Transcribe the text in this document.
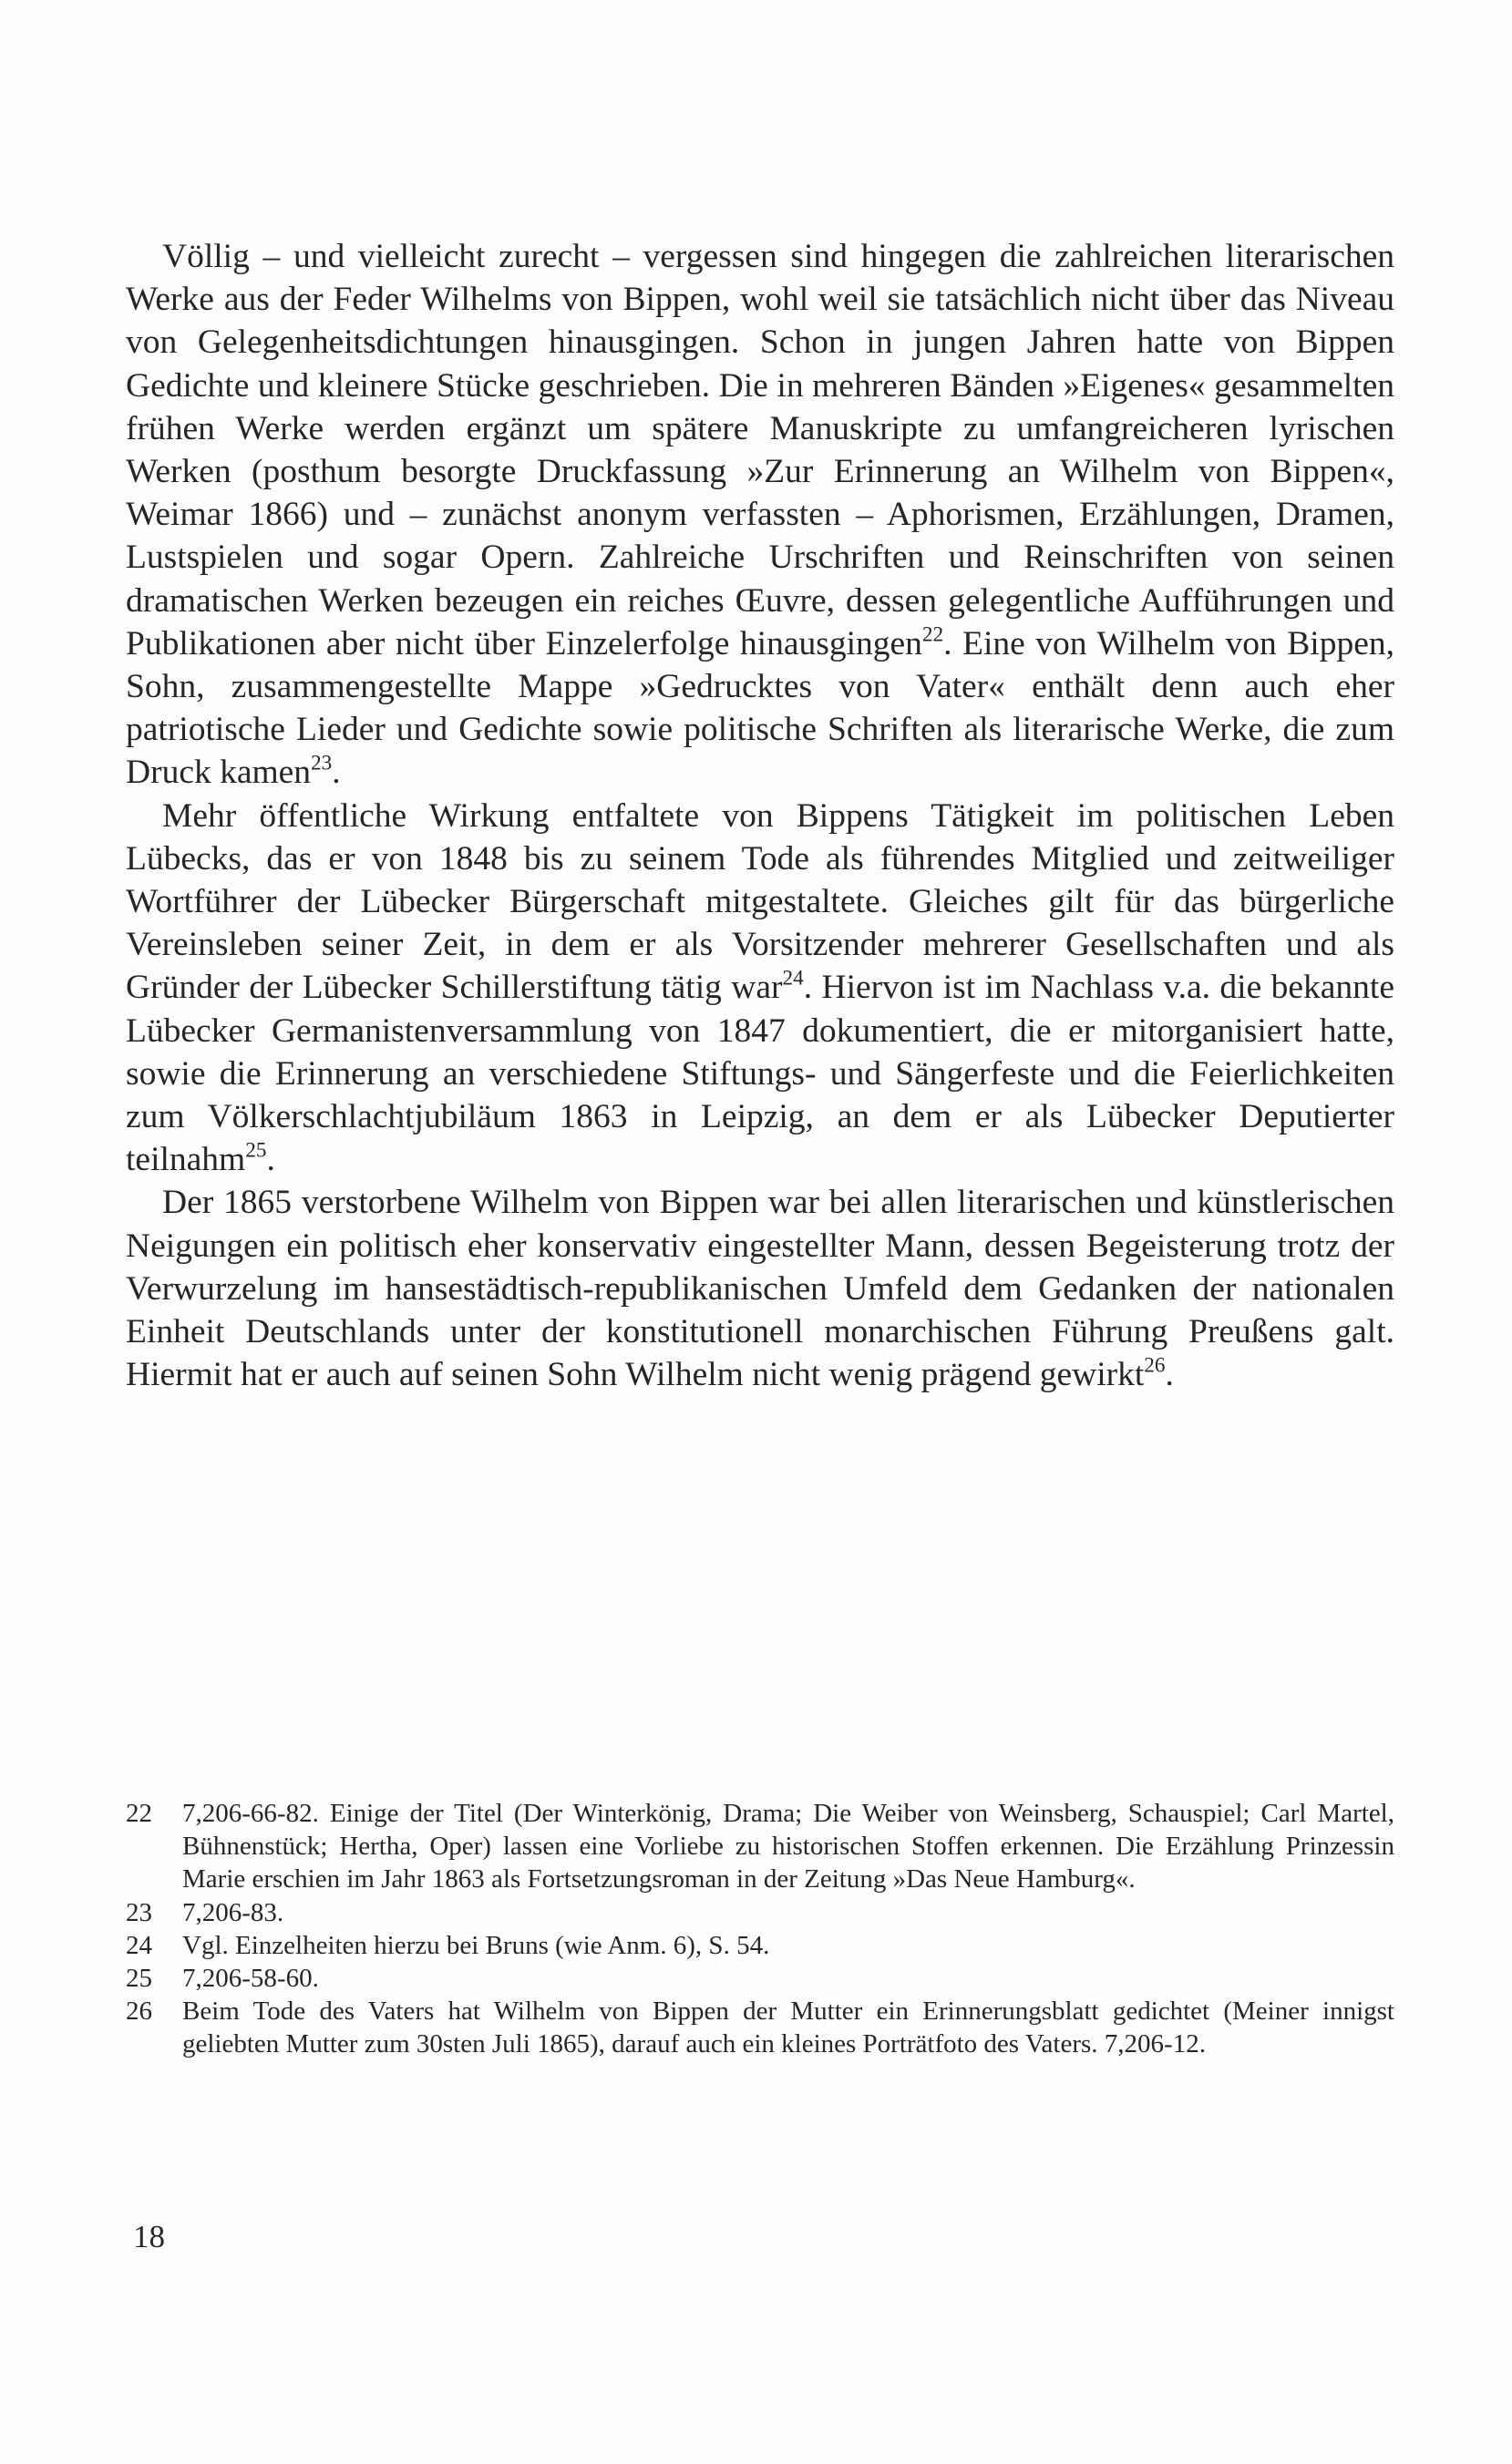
Völlig – und vielleicht zurecht – vergessen sind hingegen die zahlreichen literarischen Werke aus der Feder Wilhelms von Bippen, wohl weil sie tatsächlich nicht über das Niveau von Gelegenheitsdichtungen hinausgingen. Schon in jungen Jahren hatte von Bippen Gedichte und kleinere Stücke geschrieben. Die in mehreren Bänden »Eigenes« gesammelten frühen Werke werden ergänzt um spätere Manuskripte zu umfangreicheren lyrischen Werken (posthum besorgte Druckfassung »Zur Erinnerung an Wilhelm von Bippen«, Weimar 1866) und – zunächst anonym verfassten – Aphorismen, Erzählungen, Dramen, Lustspielen und sogar Opern. Zahlreiche Urschriften und Reinschriften von seinen dramatischen Werken bezeugen ein reiches Œuvre, dessen gelegentliche Aufführungen und Publikationen aber nicht über Einzelerfolge hinausgingen$^{22}$. Eine von Wilhelm von Bippen, Sohn, zusammengestellte Mappe »Gedrucktes von Vater« enthält denn auch eher patriotische Lieder und Gedichte sowie politische Schriften als literarische Werke, die zum Druck kamen$^{23}$.

Mehr öffentliche Wirkung entfaltete von Bippens Tätigkeit im politischen Leben Lübecks, das er von 1848 bis zu seinem Tode als führendes Mitglied und zeitweiliger Wortführer der Lübecker Bürgerschaft mitgestaltete. Gleiches gilt für das bürgerliche Vereinsleben seiner Zeit, in dem er als Vorsitzender mehrerer Gesellschaften und als Gründer der Lübecker Schillerstiftung tätig war$^{24}$. Hiervon ist im Nachlass v.a. die bekannte Lübecker Germanistenversammlung von 1847 dokumentiert, die er mitorganisiert hatte, sowie die Erinnerung an verschiedene Stiftungs- und Sängerfeste und die Feierlichkeiten zum Völkerschlachtjubiläum 1863 in Leipzig, an dem er als Lübecker Deputierter teilnahm$^{25}$.

Der 1865 verstorbene Wilhelm von Bippen war bei allen literarischen und künstlerischen Neigungen ein politisch eher konservativ eingestellter Mann, dessen Begeisterung trotz der Verwurzelung im hansestädtisch-republikanischen Umfeld dem Gedanken der nationalen Einheit Deutschlands unter der konstitutionell monarchischen Führung Preußens galt. Hiermit hat er auch auf seinen Sohn Wilhelm nicht wenig prägend gewirkt$^{26}$.

22	7,206-66-82. Einige der Titel (Der Winterkönig, Drama; Die Weiber von Weinsberg, Schauspiel; Carl Martel, Bühnenstück; Hertha, Oper) lassen eine Vorliebe zu historischen Stoffen erkennen. Die Erzählung Prinzessin Marie erschien im Jahr 1863 als Fortsetzungsroman in der Zeitung »Das Neue Hamburg«.
23	7,206-83.
24	Vgl. Einzelheiten hierzu bei Bruns (wie Anm. 6), S. 54.
25	7,206-58-60.
26	Beim Tode des Vaters hat Wilhelm von Bippen der Mutter ein Erinnerungsblatt gedichtet (Meiner innigst geliebten Mutter zum 30sten Juli 1865), darauf auch ein kleines Porträtfoto des Vaters. 7,206-12.
18
